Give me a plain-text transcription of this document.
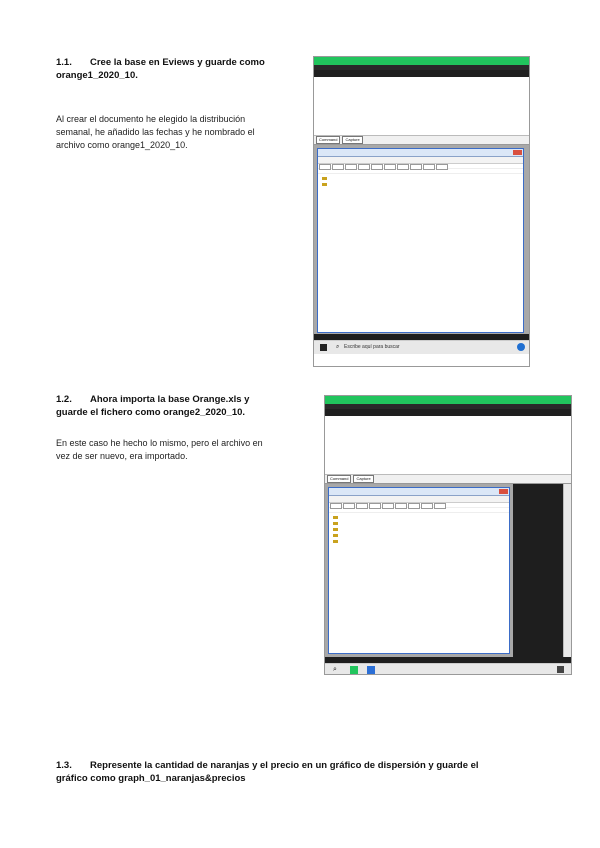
1.1. Cree la base en Eviews y guarde como
orange1_2020_10.
Al crear el documento he elegido la distribución
semanal, he añadido las fechas y he nombrado el
archivo como orange1_2020_10.
Command Capture
⌕ Escribe aquí para buscar
1.2. Ahora importa la base Orange.xls y
guarde el fichero como orange2_2020_10.
En este caso he hecho lo mismo, pero el archivo en
vez de ser nuevo, era importado.
Command Capture
⌕
1.3. Represente la cantidad de naranjas y el precio en un gráfico de dispersión y guarde el
gráfico como graph_01_naranjas&precios
